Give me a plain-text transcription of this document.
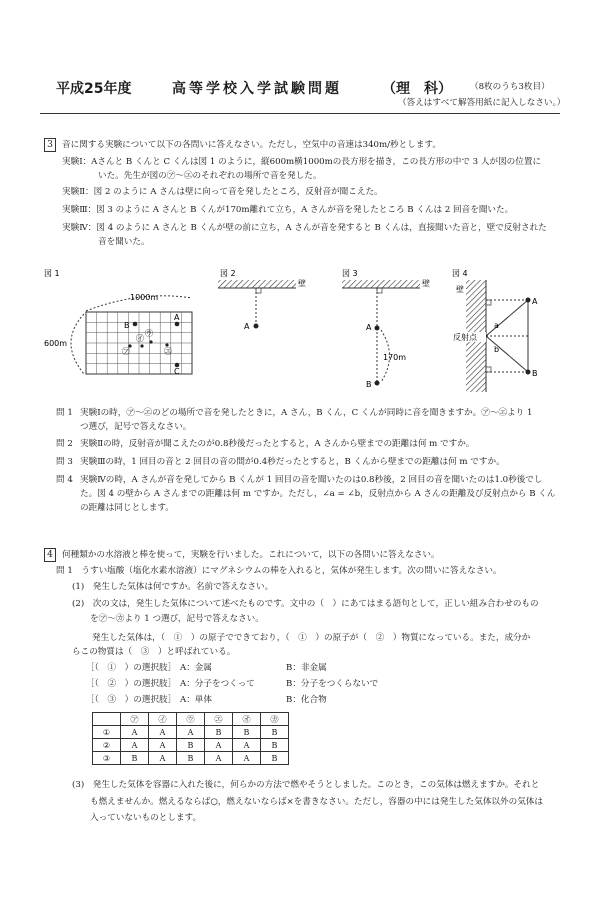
平成25年度	高等学校入学試験問題	（理　科） （8枚のうち3枚目）
（答えはすべて解答用紙に記入しなさい。）
3 音に関する実験について以下の各問いに答えなさい。ただし，空気中の音速は340m/秒とします。
実験Ⅰ：Aさんと B くんと C くんは図 1 のように，縦600m横1000mの長方形を描き，この長方形の中で 3 人が図の位置に
いた。先生が図の㋐〜㋓のそれぞれの場所で音を発した。
実験Ⅱ：図 2 のように A さんは壁に向って音を発したところ，反射音が聞こえた。
実験Ⅲ：図 3 のように A さんと B くんが170m離れて立ち，A さんが音を発したところ B くんは 2 回音を聞いた。
実験Ⅳ：図 4 のように A さんと B くんが壁の前に立ち，A さんが音を発すると B くんは，直接聞いた音と，壁で反射された
音を聞いた。
図 1
1000m
600m
B
A
C
㋐
㋑
㋒
㋓
図 2
壁
A
図 3
壁
A
170m
B
図 4
壁
A
B
a
b
反射点
問 1 実験Ⅰの時，㋐〜㋓のどの場所で音を発したときに，A さん，B くん，C くんが同時に音を聞きますか。㋐〜㋓より 1
つ選び，記号で答えなさい。
問 2 実験Ⅱの時，反射音が聞こえたのが0.8秒後だったとすると，A さんから壁までの距離は何 m ですか。
問 3 実験Ⅲの時，1 回目の音と 2 回目の音の間が0.4秒だったとすると，B くんから壁までの距離は何 m ですか。
問 4 実験Ⅳの時，A さんが音を発してから B くんが 1 回目の音を聞いたのは0.8秒後，2 回目の音を聞いたのは1.0秒後でし
た。図 4 の壁から A さんまでの距離は何 m ですか。ただし，∠a = ∠b，反射点から A さんの距離及び反射点から B くん
の距離は同じとします。
4 何種類かの水溶液と棒を使って，実験を行いました。これについて，以下の各問いに答えなさい。
問 1　うすい塩酸（塩化水素水溶液）にマグネシウムの棒を入れると，気体が発生します。次の問いに答えなさい。
(1)　発生した気体は何ですか。名前で答えなさい。
(2)　次の文は，発生した気体について述べたものです。文中の（　）にあてはまる語句として，正しい組み合わせのもの
を㋐〜㋕より 1 つ選び，記号で答えなさい。
発生した気体は，（　①　）の原子でできており，（　①　）の原子が（　②　）物質になっている。また，成分か
らこの物質は（　③　）と呼ばれている。
［（　①　）の選択肢］ A：金属	B：非金属
［（　②　）の選択肢］ A：分子をつくって	B：分子をつくらないで
［（　③　）の選択肢］ A：単体	B：化合物
	㋐	㋑	㋒	㋓	㋔	㋕
①	A	A	A	B	B	B
②	A	A	B	A	A	B
③	B	A	B	A	A	B
(3)　発生した気体を容器に入れた後に，何らかの方法で燃やそうとしました。このとき，この気体は燃えますか。それと
も燃えませんか。燃えるならば○，燃えないならば×を書きなさい。ただし，容器の中には発生した気体以外の気体は
入っていないものとします。
